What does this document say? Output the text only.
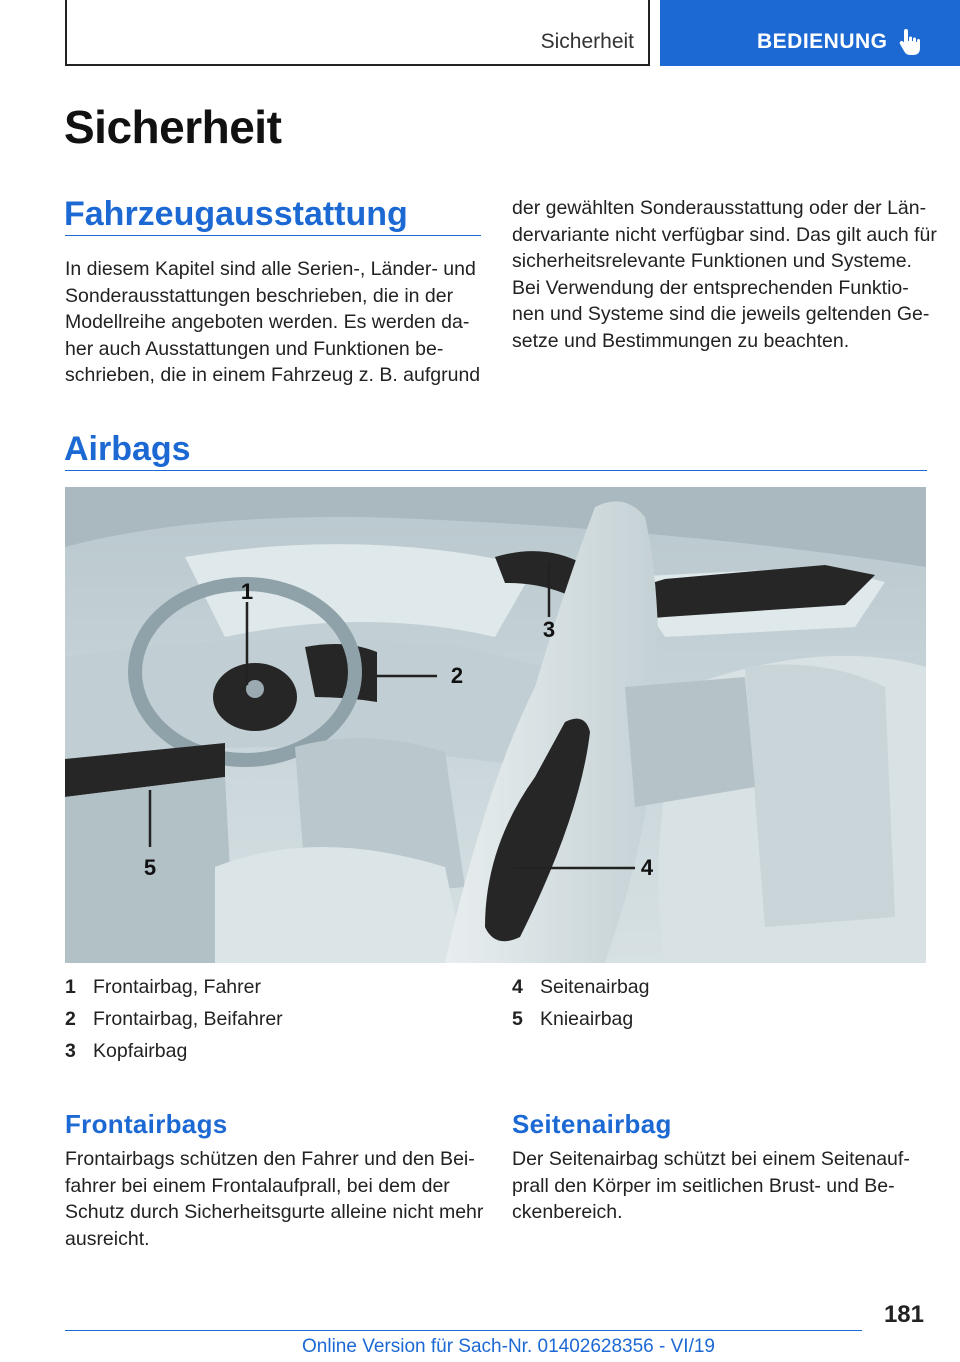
Sicherheit	BEDIENUNG
Sicherheit
Fahrzeugausstattung
In diesem Kapitel sind alle Serien-, Länder- und
Sonderausstattungen beschrieben, die in der
Modellreihe angeboten werden. Es werden da-
her auch Ausstattungen und Funktionen be-
schrieben, die in einem Fahrzeug z. B. aufgrund
der gewählten Sonderausstattung oder der Län-
dervariante nicht verfügbar sind. Das gilt auch für
sicherheitsrelevante Funktionen und Systeme.
Bei Verwendung der entsprechenden Funktio-
nen und Systeme sind die jeweils geltenden Ge-
setze und Bestimmungen zu beachten.
Airbags
1
2
3
4
5
1 Frontairbag, Fahrer
2 Frontairbag, Beifahrer
3 Kopfairbag
4 Seitenairbag
5 Knieairbag
Frontairbags
Frontairbags schützen den Fahrer und den Bei-
fahrer bei einem Frontalaufprall, bei dem der
Schutz durch Sicherheitsgurte alleine nicht mehr
ausreicht.
Seitenairbag
Der Seitenairbag schützt bei einem Seitenauf-
prall den Körper im seitlichen Brust- und Be-
ckenbereich.
181
Online Version für Sach-Nr. 01402628356 - VI/19
